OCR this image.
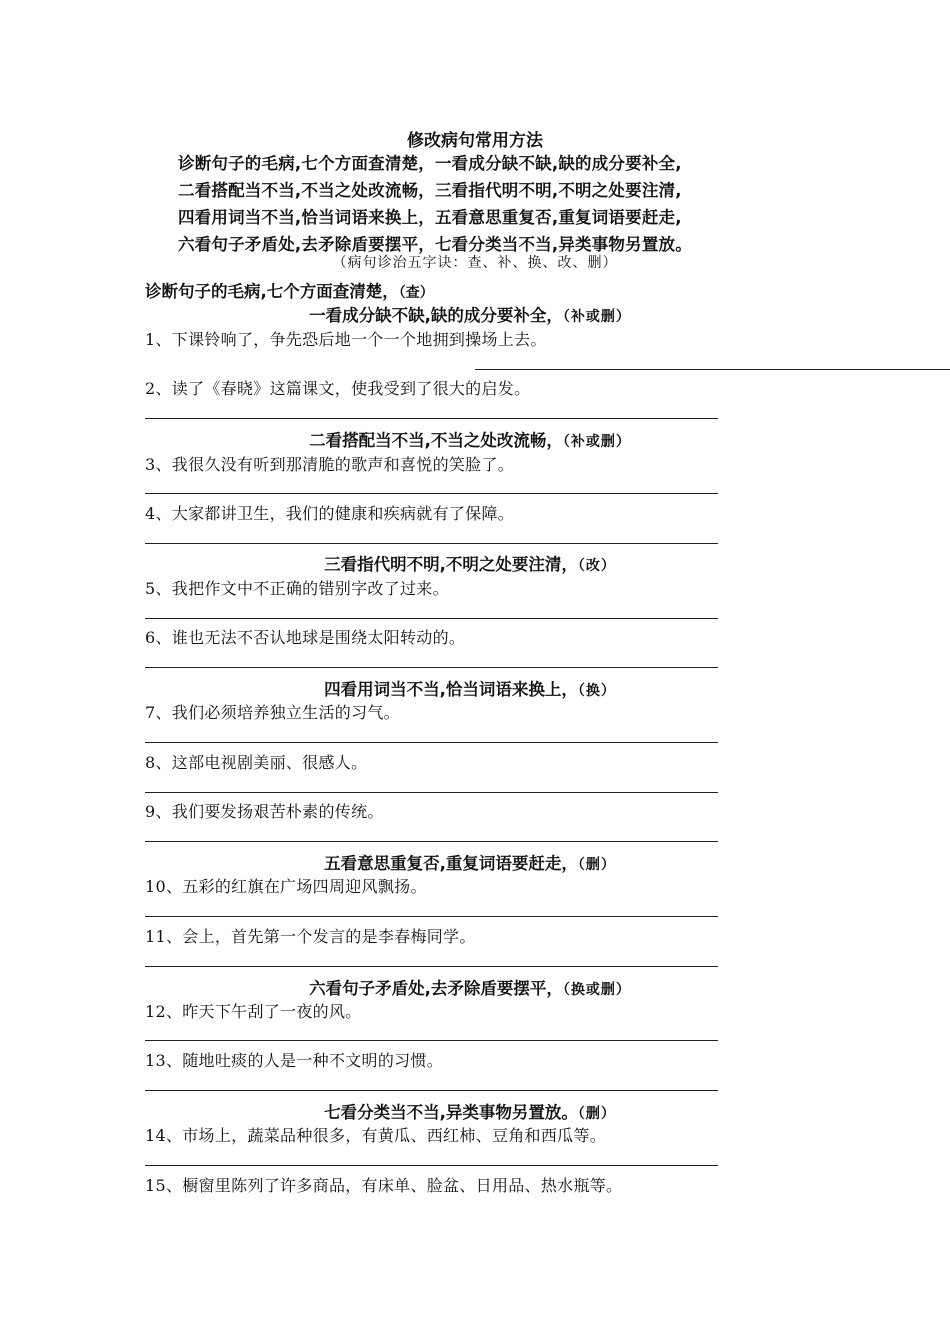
修改病句常用方法
诊断句子的毛病,七个方面查清楚，一看成分缺不缺,缺的成分要补全,
二看搭配当不当,不当之处改流畅，三看指代明不明,不明之处要注清,
四看用词当不当,恰当词语来换上，五看意思重复否,重复词语要赶走,
六看句子矛盾处,去矛除盾要摆平，七看分类当不当,异类事物另置放。
（病句诊治五字诀：查、补、换、改、删）
诊断句子的毛病,七个方面查清楚，（查）
一看成分缺不缺,缺的成分要补全，（补或删）
1、下课铃响了，争先恐后地一个一个地拥到操场上去。
2、读了《春晓》这篇课文，使我受到了很大的启发。
二看搭配当不当,不当之处改流畅，（补或删）
3、我很久没有听到那清脆的歌声和喜悦的笑脸了。
4、大家都讲卫生，我们的健康和疾病就有了保障。
三看指代明不明,不明之处要注清，（改）
5、我把作文中不正确的错别字改了过来。
6、谁也无法不否认地球是围绕太阳转动的。
四看用词当不当,恰当词语来换上，（换）
7、我们必须培养独立生活的习气。
8、这部电视剧美丽、很感人。
9、我们要发扬艰苦朴素的传统。
五看意思重复否,重复词语要赶走，（删）
10、五彩的红旗在广场四周迎风飘扬。
11、会上，首先第一个发言的是李春梅同学。
六看句子矛盾处,去矛除盾要摆平，（换或删）
12、昨天下午刮了一夜的风。
13、随地吐痰的人是一种不文明的习惯。
七看分类当不当,异类事物另置放。（删）
14、市场上，蔬菜品种很多，有黄瓜、西红柿、豆角和西瓜等。
15、橱窗里陈列了许多商品，有床单、脸盆、日用品、热水瓶等。
